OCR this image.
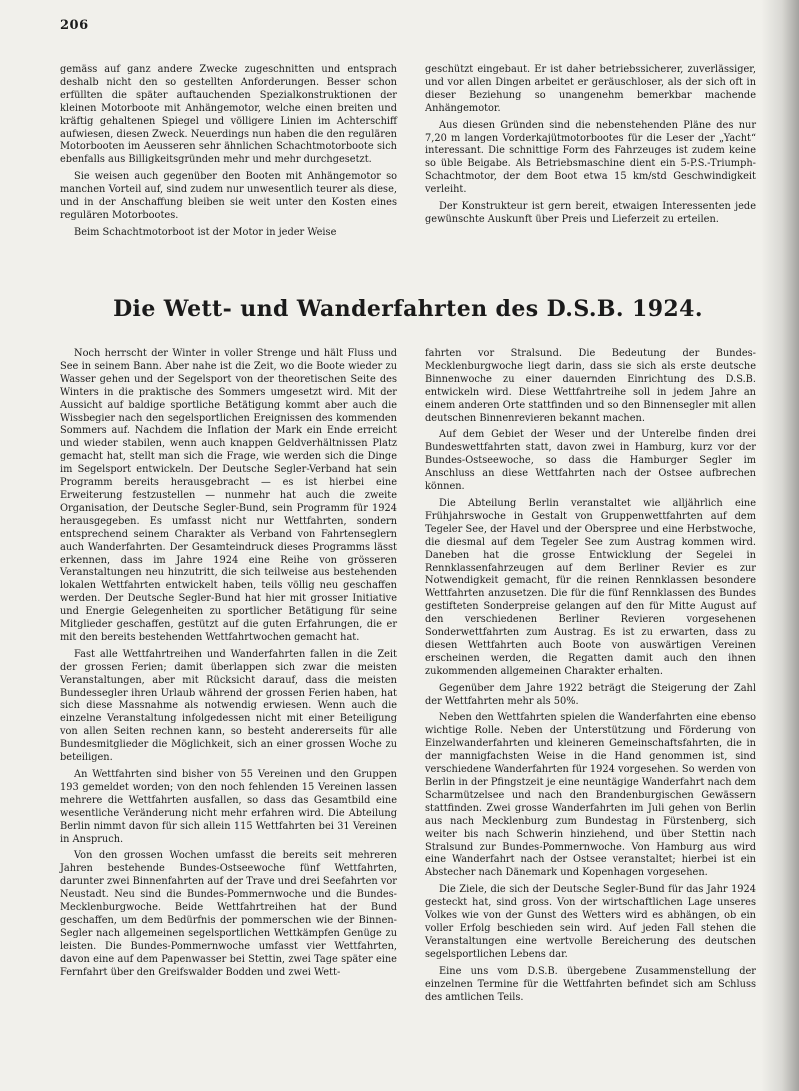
206

gemäss auf ganz andere Zwecke zugeschnitten und entsprach deshalb nicht den so gestellten Anforderungen. Besser schon erfüllten die später auftauchenden Spezialkonstruktionen der kleinen Motorboote mit Anhängemotor, welche einen breiten und kräftig gehaltenen Spiegel und völligere Linien im Achterschiff aufwiesen, diesen Zweck. Neuerdings nun haben die den regulären Motorbooten im Aeusseren sehr ähnlichen Schachtmotorboote sich ebenfalls aus Billigkeitsgründen mehr und mehr durchgesetzt.

Sie weisen auch gegenüber den Booten mit Anhängemotor so manchen Vorteil auf, sind zudem nur unwesentlich teurer als diese, und in der Anschaffung bleiben sie weit unter den Kosten eines regulären Motorbootes.

Beim Schachtmotorboot ist der Motor in jeder Weise

geschützt eingebaut. Er ist daher betriebssicherer, zuverlässiger, und vor allen Dingen arbeitet er geräuschloser, als der sich oft in dieser Beziehung so unangenehm bemerkbar machende Anhängemotor.

Aus diesen Gründen sind die nebenstehenden Pläne des nur 7,20 m langen Vorderkajütmotorbootes für die Leser der „Yacht“ interessant. Die schnittige Form des Fahrzeuges ist zudem keine so üble Beigabe. Als Betriebsmaschine dient ein 5-P.S.-Triumph-Schachtmotor, der dem Boot etwa 15 km/std Geschwindigkeit verleiht.

Der Konstrukteur ist gern bereit, etwaigen Interessenten jede gewünschte Auskunft über Preis und Lieferzeit zu erteilen.

Die Wett- und Wanderfahrten des D.S.B. 1924.

Noch herrscht der Winter in voller Strenge und hält Fluss und See in seinem Bann. Aber nahe ist die Zeit, wo die Boote wieder zu Wasser gehen und der Segelsport von der theoretischen Seite des Winters in die praktische des Sommers umgesetzt wird. Mit der Aussicht auf baldige sportliche Betätigung kommt aber auch die Wissbegier nach den segelsportlichen Ereignissen des kommenden Sommers auf. Nachdem die Inflation der Mark ein Ende erreicht und wieder stabilen, wenn auch knappen Geldverhältnissen Platz gemacht hat, stellt man sich die Frage, wie werden sich die Dinge im Segelsport entwickeln. Der Deutsche Segler-Verband hat sein Programm bereits herausgebracht — es ist hierbei eine Erweiterung festzustellen — nunmehr hat auch die zweite Organisation, der Deutsche Segler-Bund, sein Programm für 1924 herausgegeben. Es umfasst nicht nur Wettfahrten, sondern entsprechend seinem Charakter als Verband von Fahrtenseglern auch Wanderfahrten. Der Gesamteindruck dieses Programms lässt erkennen, dass im Jahre 1924 eine Reihe von grösseren Veranstaltungen neu hinzutritt, die sich teilweise aus bestehenden lokalen Wettfahrten entwickelt haben, teils völlig neu geschaffen werden. Der Deutsche Segler-Bund hat hier mit grosser Initiative und Energie Gelegenheiten zu sportlicher Betätigung für seine Mitglieder geschaffen, gestützt auf die guten Erfahrungen, die er mit den bereits bestehenden Wettfahrtwochen gemacht hat.

Fast alle Wettfahrtreihen und Wanderfahrten fallen in die Zeit der grossen Ferien; damit überlappen sich zwar die meisten Veranstaltungen, aber mit Rücksicht darauf, dass die meisten Bundessegler ihren Urlaub während der grossen Ferien haben, hat sich diese Massnahme als notwendig erwiesen. Wenn auch die einzelne Veranstaltung infolgedessen nicht mit einer Beteiligung von allen Seiten rechnen kann, so besteht andererseits für alle Bundesmitglieder die Möglichkeit, sich an einer grossen Woche zu beteiligen.

An Wettfahrten sind bisher von 55 Vereinen und den Gruppen 193 gemeldet worden; von den noch fehlenden 15 Vereinen lassen mehrere die Wettfahrten ausfallen, so dass das Gesamtbild eine wesentliche Veränderung nicht mehr erfahren wird. Die Abteilung Berlin nimmt davon für sich allein 115 Wettfahrten bei 31 Vereinen in Anspruch.

Von den grossen Wochen umfasst die bereits seit mehreren Jahren bestehende Bundes-Ostseewoche fünf Wettfahrten, darunter zwei Binnenfahrten auf der Trave und drei Seefahrten vor Neustadt. Neu sind die Bundes-Pommernwoche und die Bundes-Mecklenburgwoche. Beide Wettfahrtreihen hat der Bund geschaffen, um dem Bedürfnis der pommerschen wie der Binnen-Segler nach allgemeinen segelsportlichen Wettkämpfen Genüge zu leisten. Die Bundes-Pommernwoche umfasst vier Wettfahrten, davon eine auf dem Papenwasser bei Stettin, zwei Tage später eine Fernfahrt über den Greifswalder Bodden und zwei Wett-

fahrten vor Stralsund. Die Bedeutung der Bundes-Mecklenburgwoche liegt darin, dass sie sich als erste deutsche Binnenwoche zu einer dauernden Einrichtung des D.S.B. entwickeln wird. Diese Wettfahrtreihe soll in jedem Jahre an einem anderen Orte stattfinden und so den Binnensegler mit allen deutschen Binnenrevieren bekannt machen.

Auf dem Gebiet der Weser und der Unterelbe finden drei Bundeswettfahrten statt, davon zwei in Hamburg, kurz vor der Bundes-Ostseewoche, so dass die Hamburger Segler im Anschluss an diese Wettfahrten nach der Ostsee aufbrechen können.

Die Abteilung Berlin veranstaltet wie alljährlich eine Frühjahrswoche in Gestalt von Gruppenwettfahrten auf dem Tegeler See, der Havel und der Oberspree und eine Herbstwoche, die diesmal auf dem Tegeler See zum Austrag kommen wird. Daneben hat die grosse Entwicklung der Segelei in Rennklassenfahrzeugen auf dem Berliner Revier es zur Notwendigkeit gemacht, für die reinen Rennklassen besondere Wettfahrten anzusetzen. Die für die fünf Rennklassen des Bundes gestifteten Sonderpreise gelangen auf den für Mitte August auf den verschiedenen Berliner Revieren vorgesehenen Sonderwettfahrten zum Austrag. Es ist zu erwarten, dass zu diesen Wettfahrten auch Boote von auswärtigen Vereinen erscheinen werden, die Regatten damit auch den ihnen zukommenden allgemeinen Charakter erhalten.

Gegenüber dem Jahre 1922 beträgt die Steigerung der Zahl der Wettfahrten mehr als 50%.

Neben den Wettfahrten spielen die Wanderfahrten eine ebenso wichtige Rolle. Neben der Unterstützung und Förderung von Einzelwanderfahrten und kleineren Gemeinschaftsfahrten, die in der mannigfachsten Weise in die Hand genommen ist, sind verschiedene Wanderfahrten für 1924 vorgesehen. So werden von Berlin in der Pfingstzeit je eine neuntägige Wanderfahrt nach dem Scharmützelsee und nach den Brandenburgischen Gewässern stattfinden. Zwei grosse Wanderfahrten im Juli gehen von Berlin aus nach Mecklenburg zum Bundestag in Fürstenberg, sich weiter bis nach Schwerin hinziehend, und über Stettin nach Stralsund zur Bundes-Pommernwoche. Von Hamburg aus wird eine Wanderfahrt nach der Ostsee veranstaltet; hierbei ist ein Abstecher nach Dänemark und Kopenhagen vorgesehen.

Die Ziele, die sich der Deutsche Segler-Bund für das Jahr 1924 gesteckt hat, sind gross. Von der wirtschaftlichen Lage unseres Volkes wie von der Gunst des Wetters wird es abhängen, ob ein voller Erfolg beschieden sein wird. Auf jeden Fall stehen die Veranstaltungen eine wertvolle Bereicherung des deutschen segelsportlichen Lebens dar.

Eine uns vom D.S.B. übergebene Zusammenstellung der einzelnen Termine für die Wettfahrten befindet sich am Schluss des amtlichen Teils.
